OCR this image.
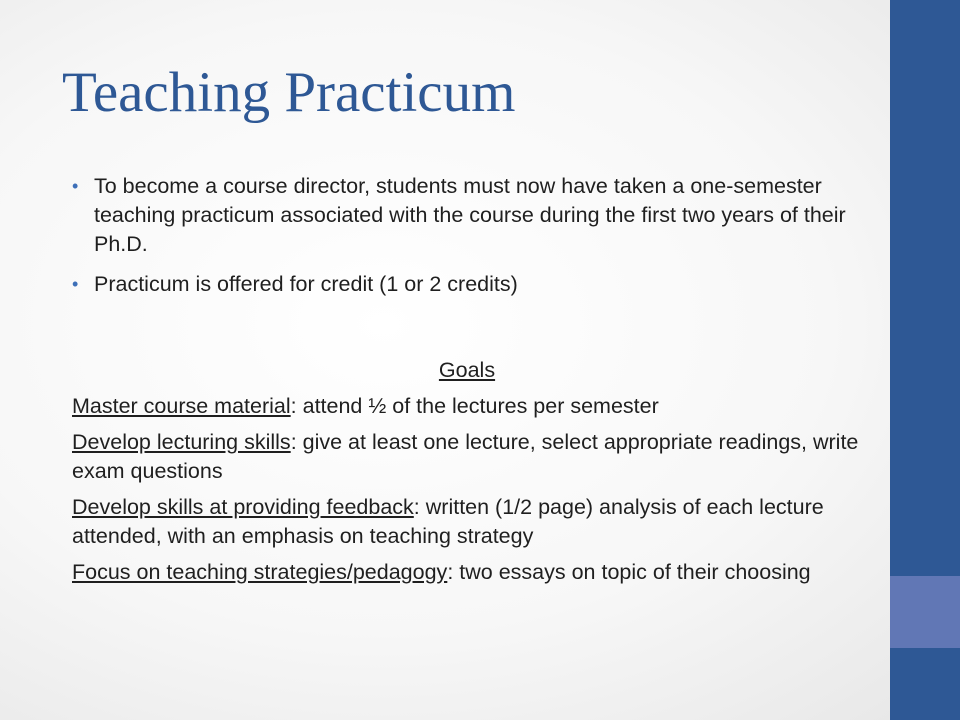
Teaching Practicum
• To become a course director, students must now have taken a one-semester teaching practicum associated with the course during the first two years of their Ph.D.
• Practicum is offered for credit (1 or 2 credits)
Goals
Master course material: attend ½ of the lectures per semester
Develop lecturing skills: give at least one lecture, select appropriate readings, write exam questions
Develop skills at providing feedback: written (1/2 page) analysis of each lecture attended, with an emphasis on teaching strategy
Focus on teaching strategies/pedagogy: two essays on topic of their choosing
